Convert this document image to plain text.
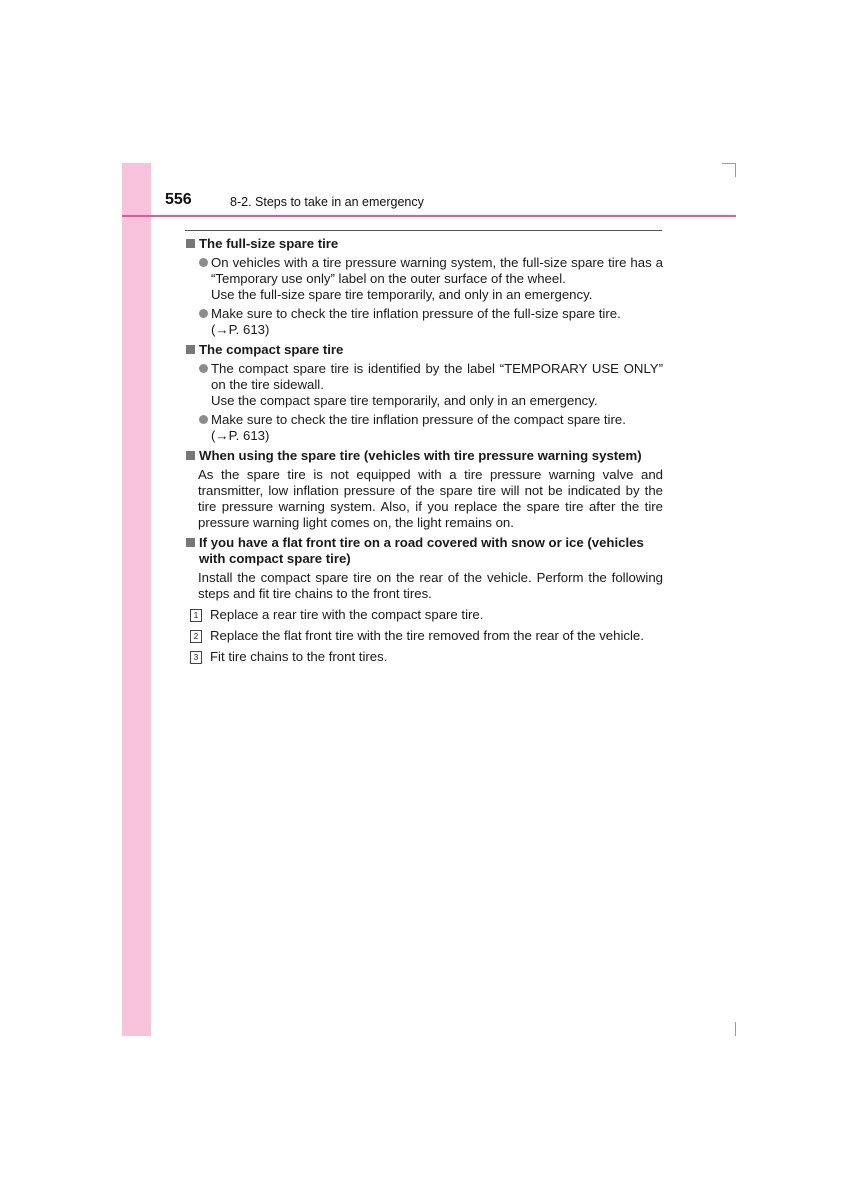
556	8-2. Steps to take in an emergency
The full-size spare tire
On vehicles with a tire pressure warning system, the full-size spare tire has a “Temporary use only” label on the outer surface of the wheel.
Use the full-size spare tire temporarily, and only in an emergency.
Make sure to check the tire inflation pressure of the full-size spare tire.
(→P. 613)
The compact spare tire
The compact spare tire is identified by the label “TEMPORARY USE ONLY” on the tire sidewall.
Use the compact spare tire temporarily, and only in an emergency.
Make sure to check the tire inflation pressure of the compact spare tire.
(→P. 613)
When using the spare tire (vehicles with tire pressure warning system)
As the spare tire is not equipped with a tire pressure warning valve and transmitter, low inflation pressure of the spare tire will not be indicated by the tire pressure warning system. Also, if you replace the spare tire after the tire pressure warning light comes on, the light remains on.
If you have a flat front tire on a road covered with snow or ice (vehicles with compact spare tire)
Install the compact spare tire on the rear of the vehicle. Perform the following steps and fit tire chains to the front tires.
1 Replace a rear tire with the compact spare tire.
2 Replace the flat front tire with the tire removed from the rear of the vehicle.
3 Fit tire chains to the front tires.
